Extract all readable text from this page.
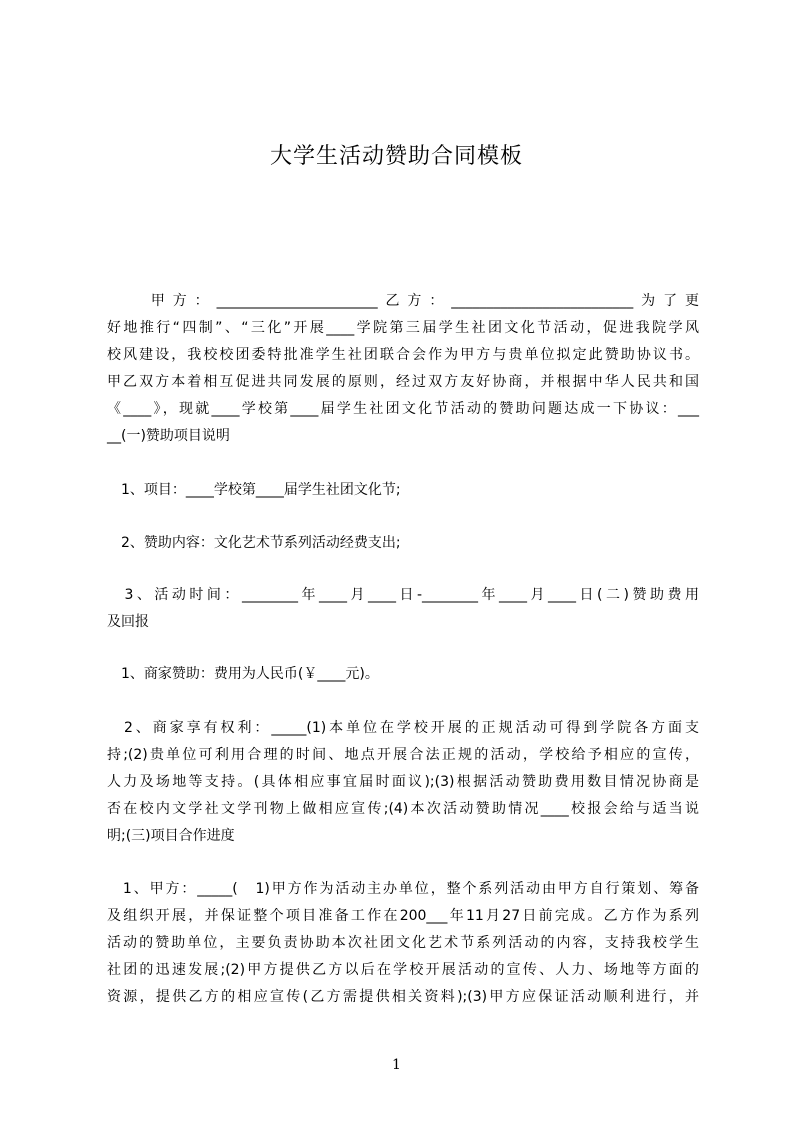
大学生活动赞助合同模板
　　甲方：_______________________乙方：__________________________为了更
好地推行“四制”、“三化”开展____学院第三届学生社团文化节活动，促进我院学风
校风建设，我校校团委特批准学生社团联合会作为甲方与贵单位拟定此赞助协议书。
甲乙双方本着相互促进共同发展的原则，经过双方友好协商，并根据中华人民共和国
《____》，现就____学校第____届学生社团文化节活动的赞助问题达成一下协议：___
__(一)赞助项目说明
　1、项目：____学校第____届学生社团文化节;
　2、赞助内容：文化艺术节系列活动经费支出;
　3、活动时间：________年____月____日-________年____月____日(二)赞助费用
及回报
　1、商家赞助：费用为人民币(￥____元)。
　2、商家享有权利：_____(1)本单位在学校开展的正规活动可得到学院各方面支
持;(2)贵单位可利用合理的时间、地点开展合法正规的活动，学校给予相应的宣传，
人力及场地等支持。(具体相应事宜届时面议);(3)根据活动赞助费用数目情况协商是
否在校内文学社文学刊物上做相应宣传;(4)本次活动赞助情况____校报会给与适当说
明;(三)项目合作进度
　1、甲方：_____(　1)甲方作为活动主办单位，整个系列活动由甲方自行策划、筹备
及组织开展，并保证整个项目准备工作在200___年11月27日前完成。乙方作为系列
活动的赞助单位，主要负责协助本次社团文化艺术节系列活动的内容，支持我校学生
社团的迅速发展;(2)甲方提供乙方以后在学校开展活动的宣传、人力、场地等方面的
资源，提供乙方的相应宣传(乙方需提供相关资料);(3)甲方应保证活动顺利进行，并
1
